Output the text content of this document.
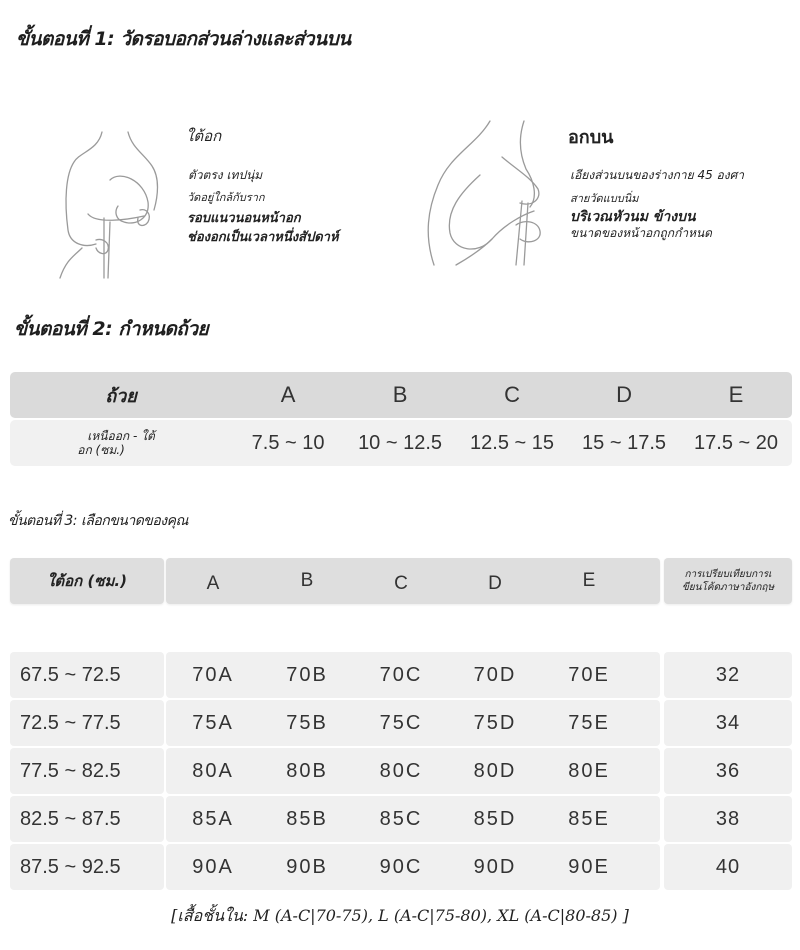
ขั้นตอนที่ 1: วัดรอบอกส่วนล่างและส่วนบน
ใต้อก
ตัวตรง เทปนุ่ม
วัดอยู่ใกล้กับราก
รอบแนวนอนหน้าอก
ช่องอกเป็นเวลาหนึ่งสัปดาห์
อกบน
เอียงส่วนบนของร่างกาย 45 องศา
สายวัดแบบนิ่ม
บริเวณหัวนม ข้างบน
ขนาดของหน้าอกถูกกำหนด
ขั้นตอนที่ 2: กำหนดถ้วย
ถ้วย	A	B	C	D	E
เหนืออก - ใต้
อก (ซม.)	7.5 ~ 10	10 ~ 12.5	12.5 ~ 15	15 ~ 17.5	17.5 ~ 20
ขั้นตอนที่ 3: เลือกขนาดของคุณ
ใต้อก (ซม.)	A	B	C	D	E	การเปรียบเทียบการเ
ขียนโค้ดภาษาอังกฤษ
67.5 ~ 72.5	70A	70B	70C	70D	70E	32
72.5 ~ 77.5	75A	75B	75C	75D	75E	34
77.5 ~ 82.5	80A	80B	80C	80D	80E	36
82.5 ~ 87.5	85A	85B	85C	85D	85E	38
87.5 ~ 92.5	90A	90B	90C	90D	90E	40
[เสื้อชั้นใน: M (A-C|70-75), L (A-C|75-80), XL (A-C|80-85) ]
